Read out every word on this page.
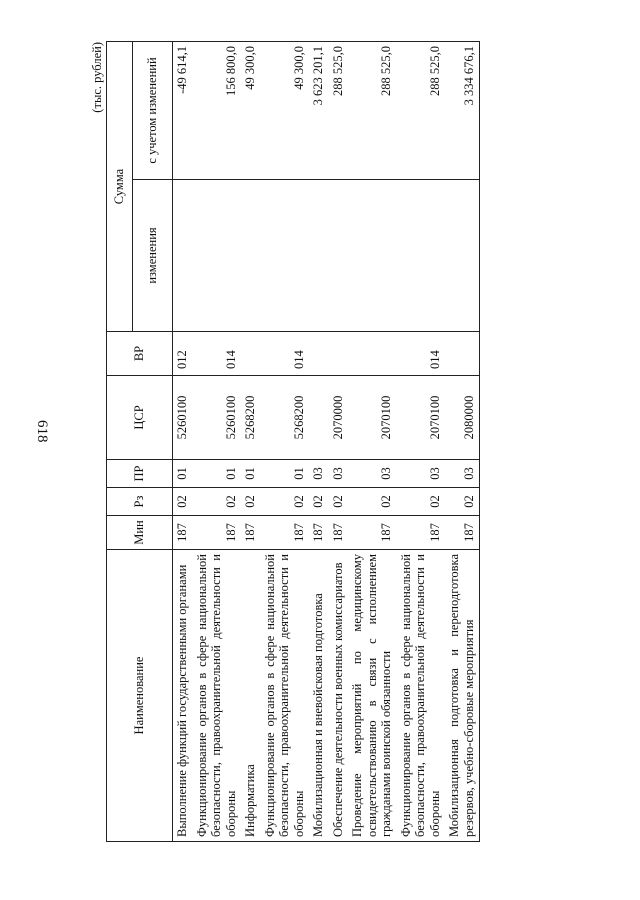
618
(тыс. рублей)
Наименование	Мин	Рз	ПР	ЦСР	ВР	Сумма	
						изменения	с учетом изменений
Выполнение функций государственными органами	187	02	01	5260100	012		-49 614,1
Функционирование органов в сфере национальной безопасности, правоохранительной деятельности и обороны	187	02	01	5260100	014		156 800,0
Информатика	187	02	01	5268200			49 300,0
Функционирование органов в сфере национальной безопасности, правоохранительной деятельности и обороны	187	02	01	5268200	014		49 300,0
Мобилизационная и вневойсковая подготовка	187	02	03				3 623 201,1
Обеспечение деятельности военных комиссариатов	187	02	03	2070000			288 525,0
Проведение мероприятий по медицинскому освидетельствованию в связи с исполнением гражданами воинской обязанности	187	02	03	2070100			288 525,0
Функционирование органов в сфере национальной безопасности, правоохранительной деятельности и обороны	187	02	03	2070100	014		288 525,0
Мобилизационная подготовка и переподготовка резервов, учебно-сборовые мероприятия	187	02	03	2080000			3 334 676,1
